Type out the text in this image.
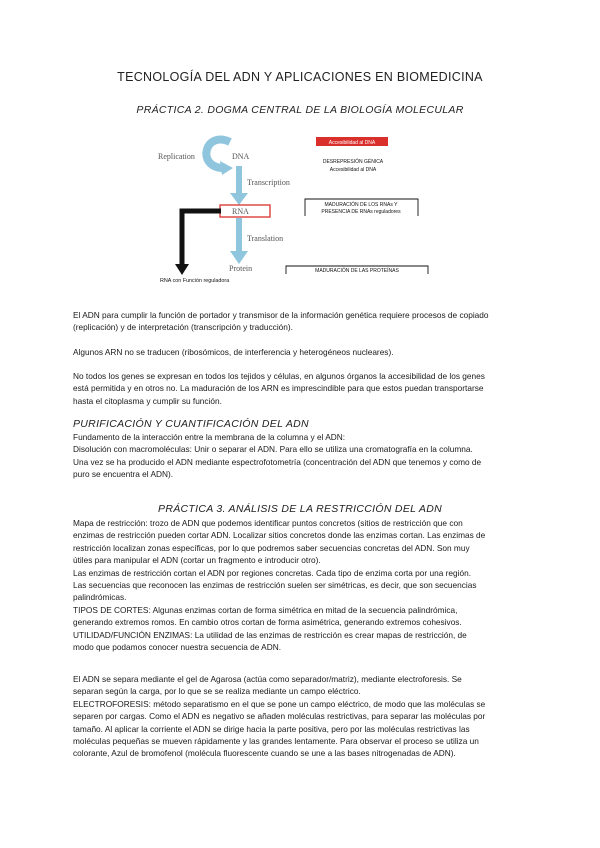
TECNOLOGÍA DEL ADN Y APLICACIONES EN BIOMEDICINA
PRÁCTICA 2. DOGMA CENTRAL DE LA BIOLOGÍA MOLECULAR
Replication	DNA
Transcription
RNA
Translation
Protein
RNA con Función reguladora
Accesibilidad al DNA
DESREPRESIÓN GÉNICA
Accesibilidad al DNA
MADURACIÓN DE LOS RNAs Y
PRESENCIA DE RNAs reguladores
MADURACIÓN DE LAS PROTEÍNAS
El ADN para cumplir la función de portador y transmisor de la información genética requiere procesos de copiado
(replicación) y de interpretación (transcripción y traducción).
Algunos ARN no se traducen (ribosómicos, de interferencia y heterogéneos nucleares).
No todos los genes se expresan en todos los tejidos y células, en algunos órganos la accesibilidad de los genes
está permitida y en otros no. La maduración de los ARN es imprescindible para que estos puedan transportarse
hasta el citoplasma y cumplir su función.
PURIFICACIÓN Y CUANTIFICACIÓN DEL ADN
Fundamento de la interacción entre la membrana de la columna y el ADN:
Disolución con macromoléculas: Unir o separar el ADN. Para ello se utiliza una cromatografía en la columna.
Una vez se ha producido el ADN mediante espectrofotometría (concentración del ADN que tenemos y como de
puro se encuentra el ADN).
PRÁCTICA 3. ANÁLISIS DE LA RESTRICCIÓN DEL ADN
Mapa de restricción: trozo de ADN que podemos identificar puntos concretos (sitios de restricción que con
enzimas de restricción pueden cortar ADN. Localizar sitios concretos donde las enzimas cortan. Las enzimas de
restricción localizan zonas específicas, por lo que podremos saber secuencias concretas del ADN. Son muy
útiles para manipular el ADN (cortar un fragmento e introducir otro).
Las enzimas de restricción cortan el ADN por regiones concretas. Cada tipo de enzima corta por una región.
Las secuencias que reconocen las enzimas de restricción suelen ser simétricas, es decir, que son secuencias
palindrómicas.
TIPOS DE CORTES: Algunas enzimas cortan de forma simétrica en mitad de la secuencia palindrómica,
generando extremos romos. En cambio otros cortan de forma asimétrica, generando extremos cohesivos.
UTILIDAD/FUNCIÓN ENZIMAS: La utilidad de las enzimas de restricción es crear mapas de restricción, de
modo que podamos conocer nuestra secuencia de ADN.
El ADN se separa mediante el gel de Agarosa (actúa como separador/matriz), mediante electroforesis. Se
separan según la carga, por lo que se se realiza mediante un campo eléctrico.
ELECTROFORESIS: método separatismo en el que se pone un campo eléctrico, de modo que las moléculas se
separen por cargas. Como el ADN es negativo se añaden moléculas restrictivas, para separar las moléculas por
tamaño. Al aplicar la corriente el ADN se dirige hacia la parte positiva, pero por las moléculas restrictivas las
moléculas pequeñas se mueven rápidamente y las grandes lentamente. Para observar el proceso se utiliza un
colorante, Azul de bromofenol (molécula fluorescente cuando se une a las bases nitrogenadas de ADN).
